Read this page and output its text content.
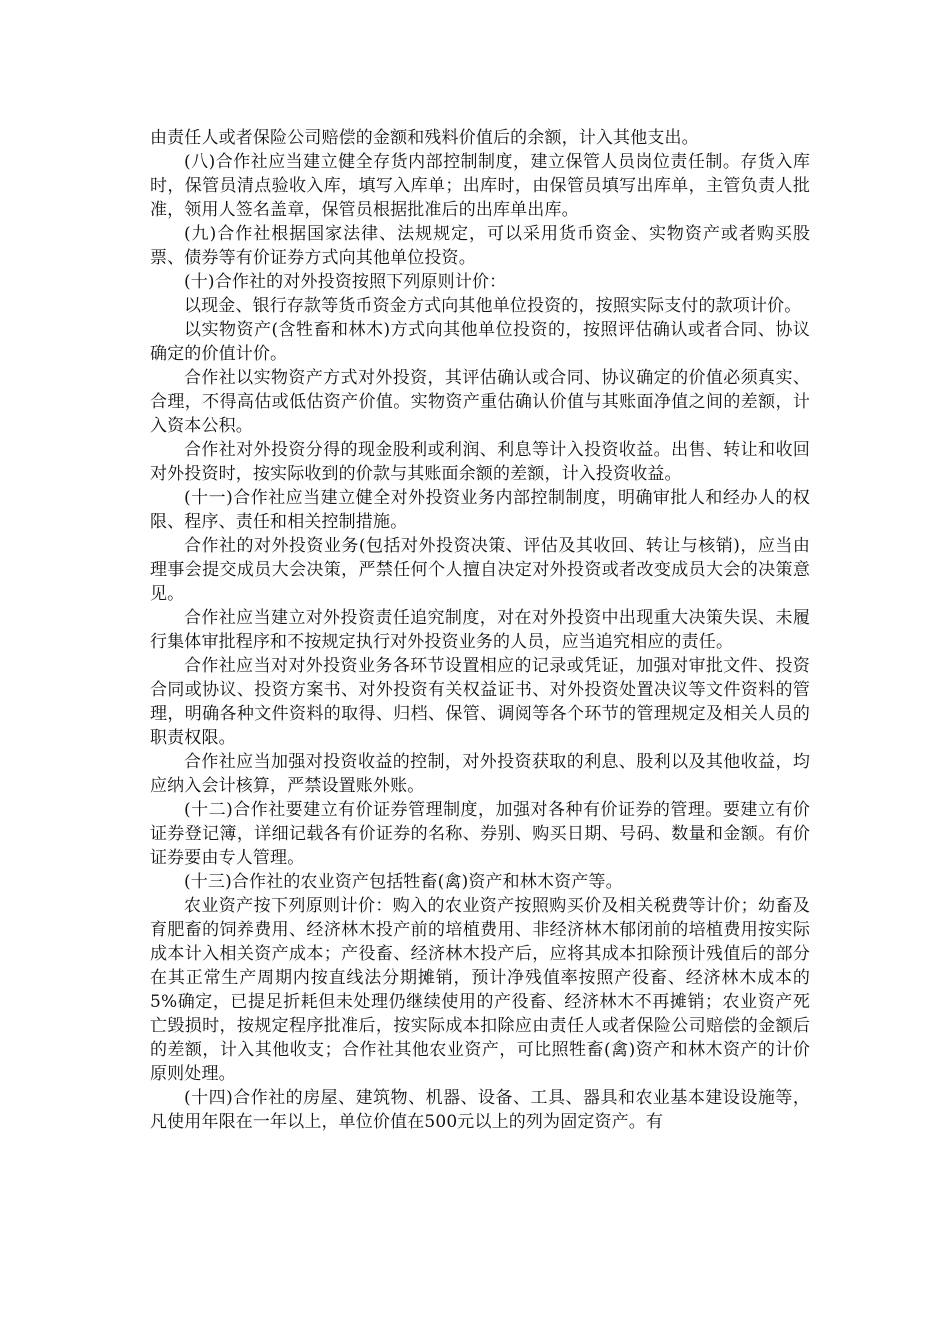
由责任人或者保险公司赔偿的金额和残料价值后的余额，计入其他支出。

(八)合作社应当建立健全存货内部控制制度，建立保管人员岗位责任制。存货入库时，保管员清点验收入库，填写入库单；出库时，由保管员填写出库单，主管负责人批准，领用人签名盖章，保管员根据批准后的出库单出库。

(九)合作社根据国家法律、法规规定，可以采用货币资金、实物资产或者购买股票、债券等有价证券方式向其他单位投资。

(十)合作社的对外投资按照下列原则计价：

以现金、银行存款等货币资金方式向其他单位投资的，按照实际支付的款项计价。

以实物资产(含牲畜和林木)方式向其他单位投资的，按照评估确认或者合同、协议确定的价值计价。

合作社以实物资产方式对外投资，其评估确认或合同、协议确定的价值必须真实、合理，不得高估或低估资产价值。实物资产重估确认价值与其账面净值之间的差额，计入资本公积。

合作社对外投资分得的现金股利或利润、利息等计入投资收益。出售、转让和收回对外投资时，按实际收到的价款与其账面余额的差额，计入投资收益。

(十一)合作社应当建立健全对外投资业务内部控制制度，明确审批人和经办人的权限、程序、责任和相关控制措施。

合作社的对外投资业务(包括对外投资决策、评估及其收回、转让与核销)，应当由理事会提交成员大会决策，严禁任何个人擅自决定对外投资或者改变成员大会的决策意见。

合作社应当建立对外投资责任追究制度，对在对外投资中出现重大决策失误、未履行集体审批程序和不按规定执行对外投资业务的人员，应当追究相应的责任。

合作社应当对对外投资业务各环节设置相应的记录或凭证，加强对审批文件、投资合同或协议、投资方案书、对外投资有关权益证书、对外投资处置决议等文件资料的管理，明确各种文件资料的取得、归档、保管、调阅等各个环节的管理规定及相关人员的职责权限。

合作社应当加强对投资收益的控制，对外投资获取的利息、股利以及其他收益，均应纳入会计核算，严禁设置账外账。

(十二)合作社要建立有价证券管理制度，加强对各种有价证券的管理。要建立有价证券登记簿，详细记载各有价证券的名称、券别、购买日期、号码、数量和金额。有价证券要由专人管理。

(十三)合作社的农业资产包括牲畜(禽)资产和林木资产等。

农业资产按下列原则计价：购入的农业资产按照购买价及相关税费等计价；幼畜及育肥畜的饲养费用、经济林木投产前的培植费用、非经济林木郁闭前的培植费用按实际成本计入相关资产成本；产役畜、经济林木投产后，应将其成本扣除预计残值后的部分在其正常生产周期内按直线法分期摊销，预计净残值率按照产役畜、经济林木成本的5%确定，已提足折耗但未处理仍继续使用的产役畜、经济林木不再摊销；农业资产死亡毁损时，按规定程序批准后，按实际成本扣除应由责任人或者保险公司赔偿的金额后的差额，计入其他收支；合作社其他农业资产，可比照牲畜(禽)资产和林木资产的计价原则处理。

(十四)合作社的房屋、建筑物、机器、设备、工具、器具和农业基本建设设施等，凡使用年限在一年以上，单位价值在500元以上的列为固定资产。有
